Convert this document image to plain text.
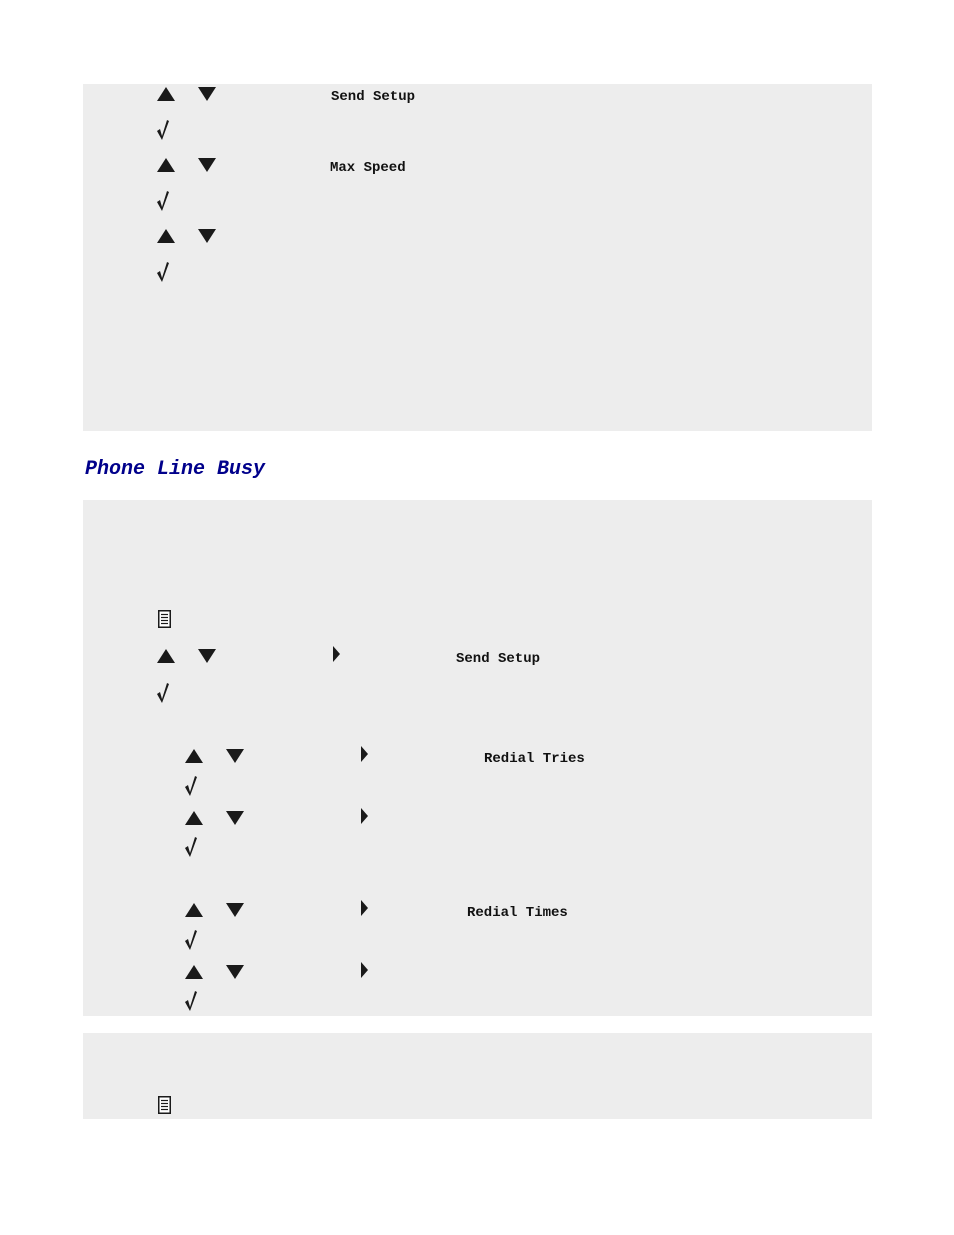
Send Setup
Max Speed
Phone Line Busy
Send Setup
Redial Tries
Redial Times
